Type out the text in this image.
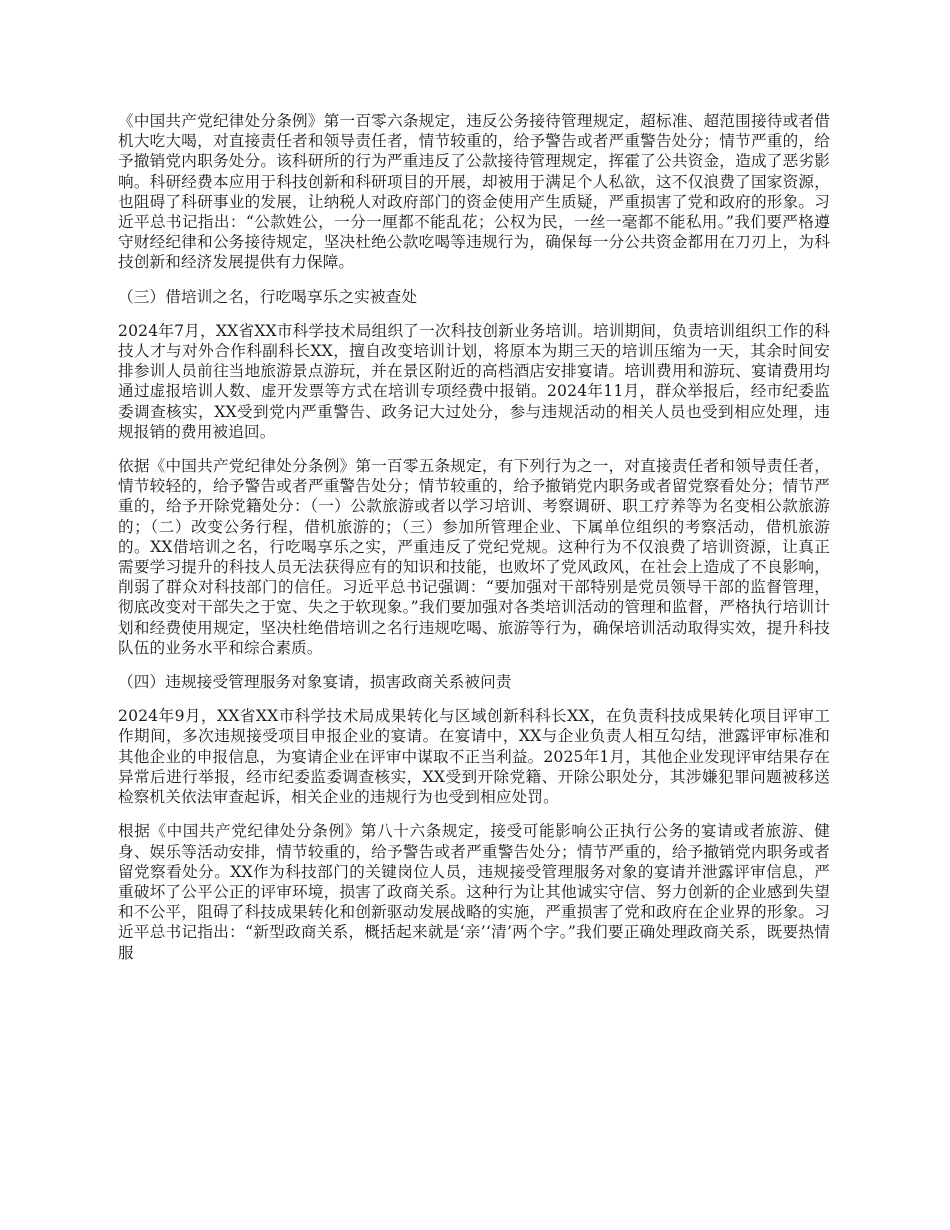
《中国共产党纪律处分条例》第一百零六条规定，违反公务接待管理规定，超标准、超范围接待或者借机大吃大喝，对直接责任者和领导责任者，情节较重的，给予警告或者严重警告处分；情节严重的，给予撤销党内职务处分。该科研所的行为严重违反了公款接待管理规定，挥霍了公共资金，造成了恶劣影响。科研经费本应用于科技创新和科研项目的开展，却被用于满足个人私欲，这不仅浪费了国家资源，也阻碍了科研事业的发展，让纳税人对政府部门的资金使用产生质疑，严重损害了党和政府的形象。习近平总书记指出：“公款姓公，一分一厘都不能乱花；公权为民，一丝一毫都不能私用。”我们要严格遵守财经纪律和公务接待规定，坚决杜绝公款吃喝等违规行为，确保每一分公共资金都用在刀刃上，为科技创新和经济发展提供有力保障。

（三）借培训之名，行吃喝享乐之实被查处

2024年7月，XX省XX市科学技术局组织了一次科技创新业务培训。培训期间，负责培训组织工作的科技人才与对外合作科副科长XX，擅自改变培训计划，将原本为期三天的培训压缩为一天，其余时间安排参训人员前往当地旅游景点游玩，并在景区附近的高档酒店安排宴请。培训费用和游玩、宴请费用均通过虚报培训人数、虚开发票等方式在培训专项经费中报销。2024年11月，群众举报后，经市纪委监委调查核实，XX受到党内严重警告、政务记大过处分，参与违规活动的相关人员也受到相应处理，违规报销的费用被追回。

依据《中国共产党纪律处分条例》第一百零五条规定，有下列行为之一，对直接责任者和领导责任者，情节较轻的，给予警告或者严重警告处分；情节较重的，给予撤销党内职务或者留党察看处分；情节严重的，给予开除党籍处分：（一）公款旅游或者以学习培训、考察调研、职工疗养等为名变相公款旅游的；（二）改变公务行程，借机旅游的；（三）参加所管理企业、下属单位组织的考察活动，借机旅游的。XX借培训之名，行吃喝享乐之实，严重违反了党纪党规。这种行为不仅浪费了培训资源，让真正需要学习提升的科技人员无法获得应有的知识和技能，也败坏了党风政风，在社会上造成了不良影响，削弱了群众对科技部门的信任。习近平总书记强调：“要加强对干部特别是党员领导干部的监督管理，彻底改变对干部失之于宽、失之于软现象。”我们要加强对各类培训活动的管理和监督，严格执行培训计划和经费使用规定，坚决杜绝借培训之名行违规吃喝、旅游等行为，确保培训活动取得实效，提升科技队伍的业务水平和综合素质。

（四）违规接受管理服务对象宴请，损害政商关系被问责

2024年9月，XX省XX市科学技术局成果转化与区域创新科科长XX，在负责科技成果转化项目评审工作期间，多次违规接受项目申报企业的宴请。在宴请中，XX与企业负责人相互勾结，泄露评审标准和其他企业的申报信息，为宴请企业在评审中谋取不正当利益。2025年1月，其他企业发现评审结果存在异常后进行举报，经市纪委监委调查核实，XX受到开除党籍、开除公职处分，其涉嫌犯罪问题被移送检察机关依法审查起诉，相关企业的违规行为也受到相应处罚。

根据《中国共产党纪律处分条例》第八十六条规定，接受可能影响公正执行公务的宴请或者旅游、健身、娱乐等活动安排，情节较重的，给予警告或者严重警告处分；情节严重的，给予撤销党内职务或者留党察看处分。XX作为科技部门的关键岗位人员，违规接受管理服务对象的宴请并泄露评审信息，严重破坏了公平公正的评审环境，损害了政商关系。这种行为让其他诚实守信、努力创新的企业感到失望和不公平，阻碍了科技成果转化和创新驱动发展战略的实施，严重损害了党和政府在企业界的形象。习近平总书记指出：“新型政商关系，概括起来就是‘亲’‘清’两个字。”我们要正确处理政商关系，既要热情服
